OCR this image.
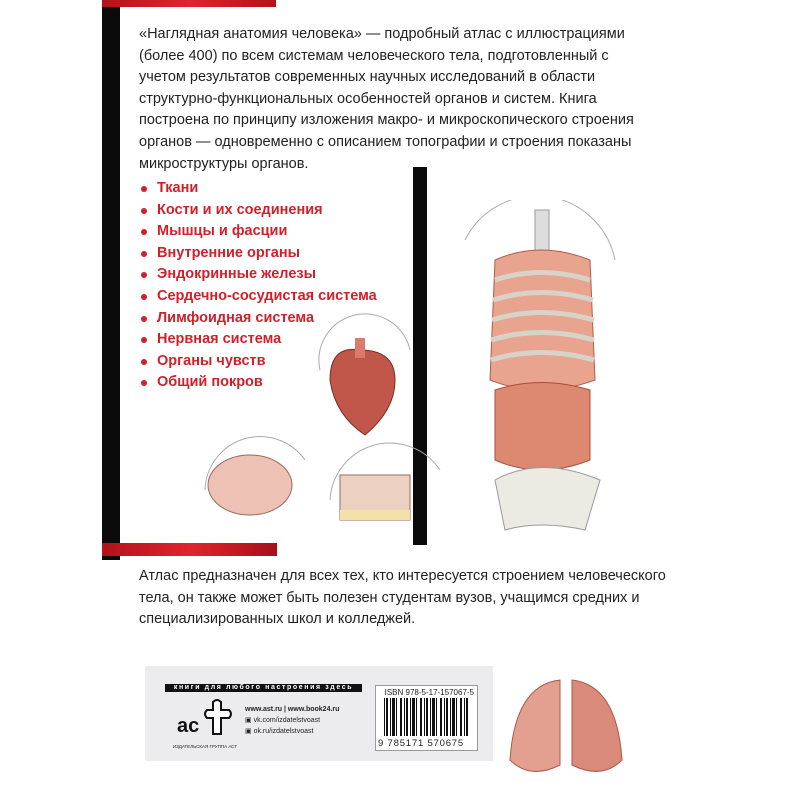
«Наглядная анатомия человека» — подробный атлас с иллюстрациями (более 400) по всем системам человеческого тела, подготовленный с учетом результатов современных научных исследований в области структурно-функциональных особенностей органов и систем. Книга построена по принципу изложения макро- и микроскопического строения органов — одновременно с описанием топографии и строения показаны микроструктуры органов.
Ткани
Кости и их соединения
Мышцы и фасции
Внутренние органы
Эндокринные железы
Сердечно-сосудистая система
Лимфоидная система
Нервная система
Органы чувств
Общий покров
Атлас предназначен для всех тех, кто интересуется строением человеческого тела, он также может быть полезен студентам вузов, учащимся средних и специализированных школ и колледжей.
книги для любого настроения здесь
ас
ИЗДАТЕЛЬСКАЯ ГРУППА АСТ
www.ast.ru | www.book24.ru
▣ vk.com/izdatelstvoast
▣ ok.ru/izdatelstvoast
ISBN 978-5-17-157067-5
9 785171 570675
